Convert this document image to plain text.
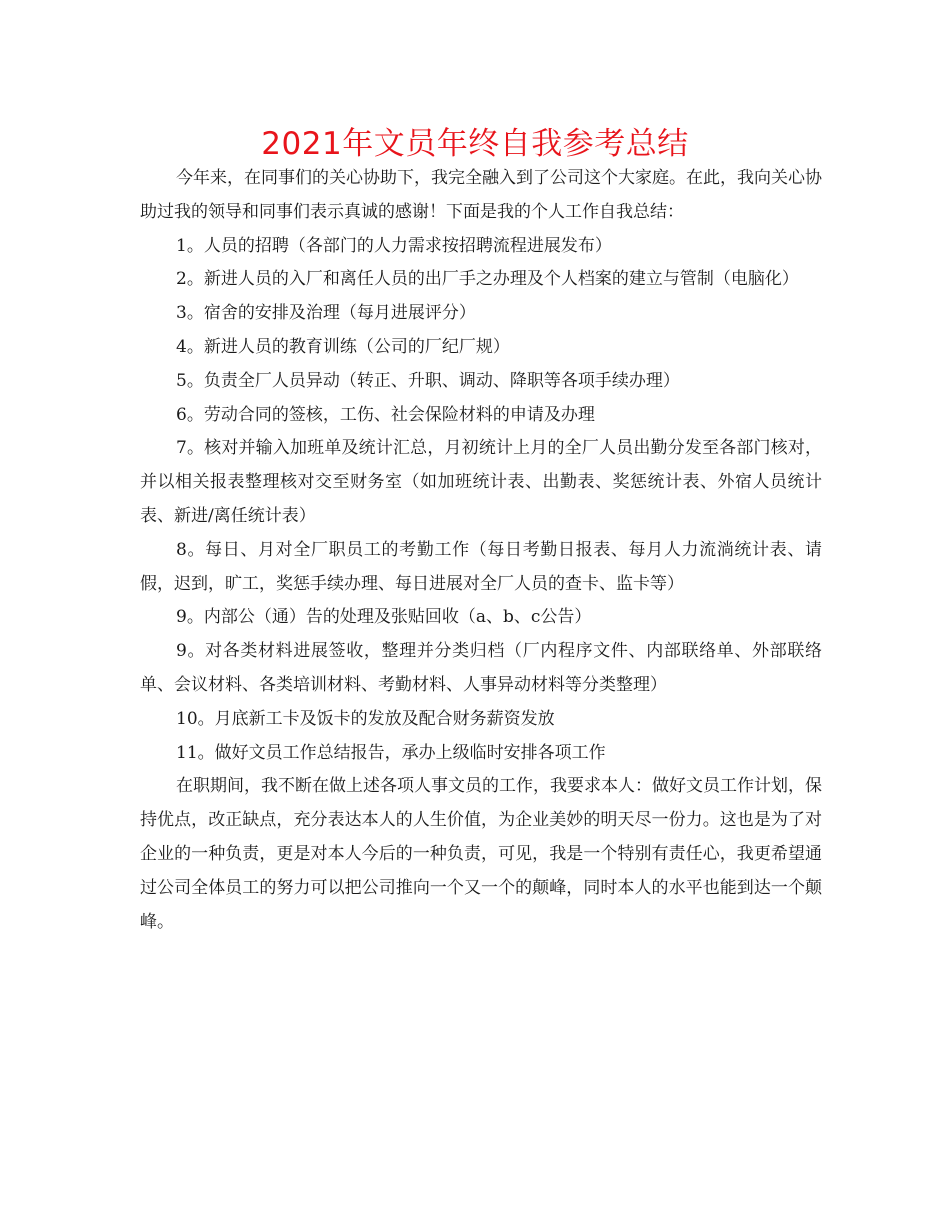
2021年文员年终自我参考总结

今年来，在同事们的关心协助下，我完全融入到了公司这个大家庭。在此，我向关心协助过我的领导和同事们表示真诚的感谢！下面是我的个人工作自我总结：

1。人员的招聘（各部门的人力需求按招聘流程进展发布）

2。新进人员的入厂和离任人员的出厂手之办理及个人档案的建立与管制（电脑化）

3。宿舍的安排及治理（每月进展评分）

4。新进人员的教育训练（公司的厂纪厂规）

5。负责全厂人员异动（转正、升职、调动、降职等各项手续办理）

6。劳动合同的签核，工伤、社会保险材料的申请及办理

7。核对并输入加班单及统计汇总，月初统计上月的全厂人员出勤分发至各部门核对，并以相关报表整理核对交至财务室（如加班统计表、出勤表、奖惩统计表、外宿人员统计表、新进/离任统计表）

8。每日、月对全厂职员工的考勤工作（每日考勤日报表、每月人力流淌统计表、请假，迟到，旷工，奖惩手续办理、每日进展对全厂人员的查卡、监卡等）

9。内部公（通）告的处理及张贴回收（a、b、c公告）

9。对各类材料进展签收，整理并分类归档（厂内程序文件、内部联络单、外部联络单、会议材料、各类培训材料、考勤材料、人事异动材料等分类整理）

10。月底新工卡及饭卡的发放及配合财务薪资发放

11。做好文员工作总结报告，承办上级临时安排各项工作

在职期间，我不断在做上述各项人事文员的工作，我要求本人：做好文员工作计划，保持优点，改正缺点，充分表达本人的人生价值，为企业美妙的明天尽一份力。这也是为了对企业的一种负责，更是对本人今后的一种负责，可见，我是一个特别有责任心，我更希望通过公司全体员工的努力可以把公司推向一个又一个的颠峰，同时本人的水平也能到达一个颠峰。
